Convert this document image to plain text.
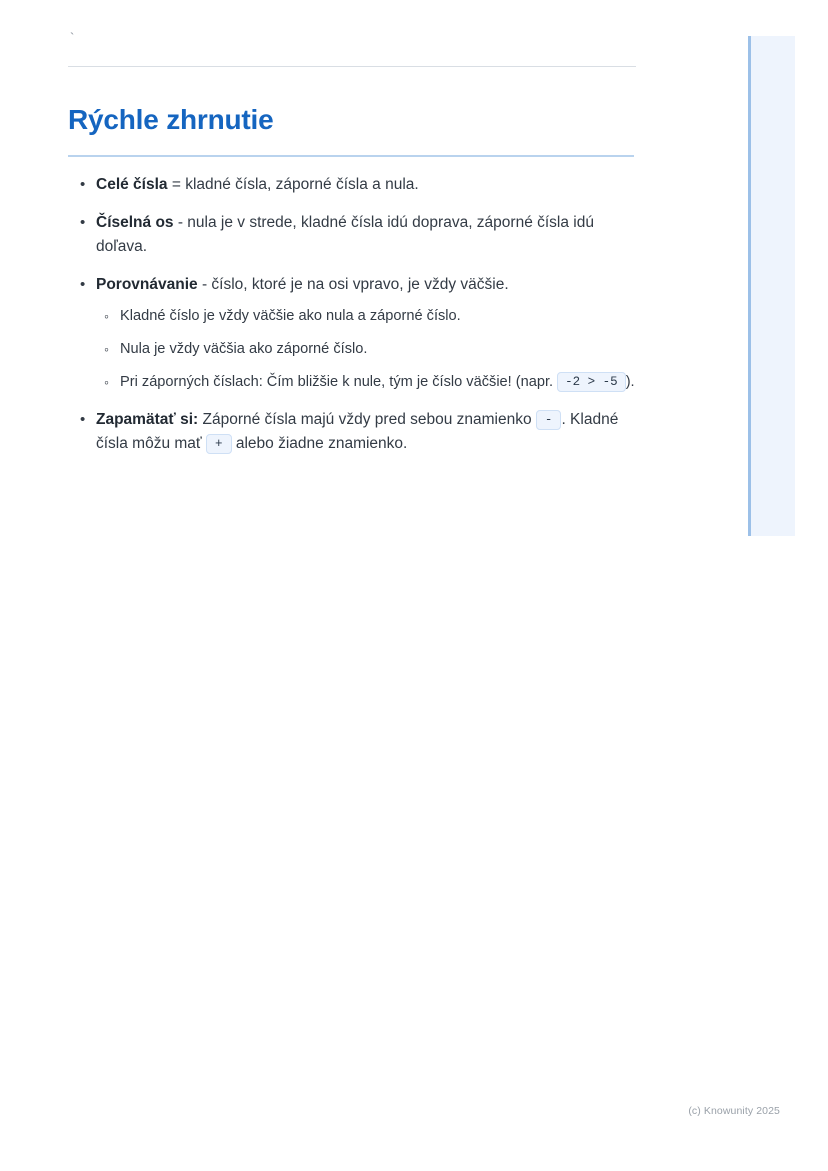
`
Rýchle zhrnutie
• Celé čísla = kladné čísla, záporné čísla a nula.
• Číselná os - nula je v strede, kladné čísla idú doprava, záporné čísla idú doľava.
• Porovnávanie - číslo, ktoré je na osi vpravo, je vždy väčšie.
◦ Kladné číslo je vždy väčšie ako nula a záporné číslo.
◦ Nula je vždy väčšia ako záporné číslo.
◦ Pri záporných číslach: Čím bližšie k nule, tým je číslo väčšie! (napr. -2 > -5 ).
• Zapamätať si: Záporné čísla majú vždy pred sebou znamienko - . Kladné čísla môžu mať + alebo žiadne znamienko.
(c) Knowunity 2025
